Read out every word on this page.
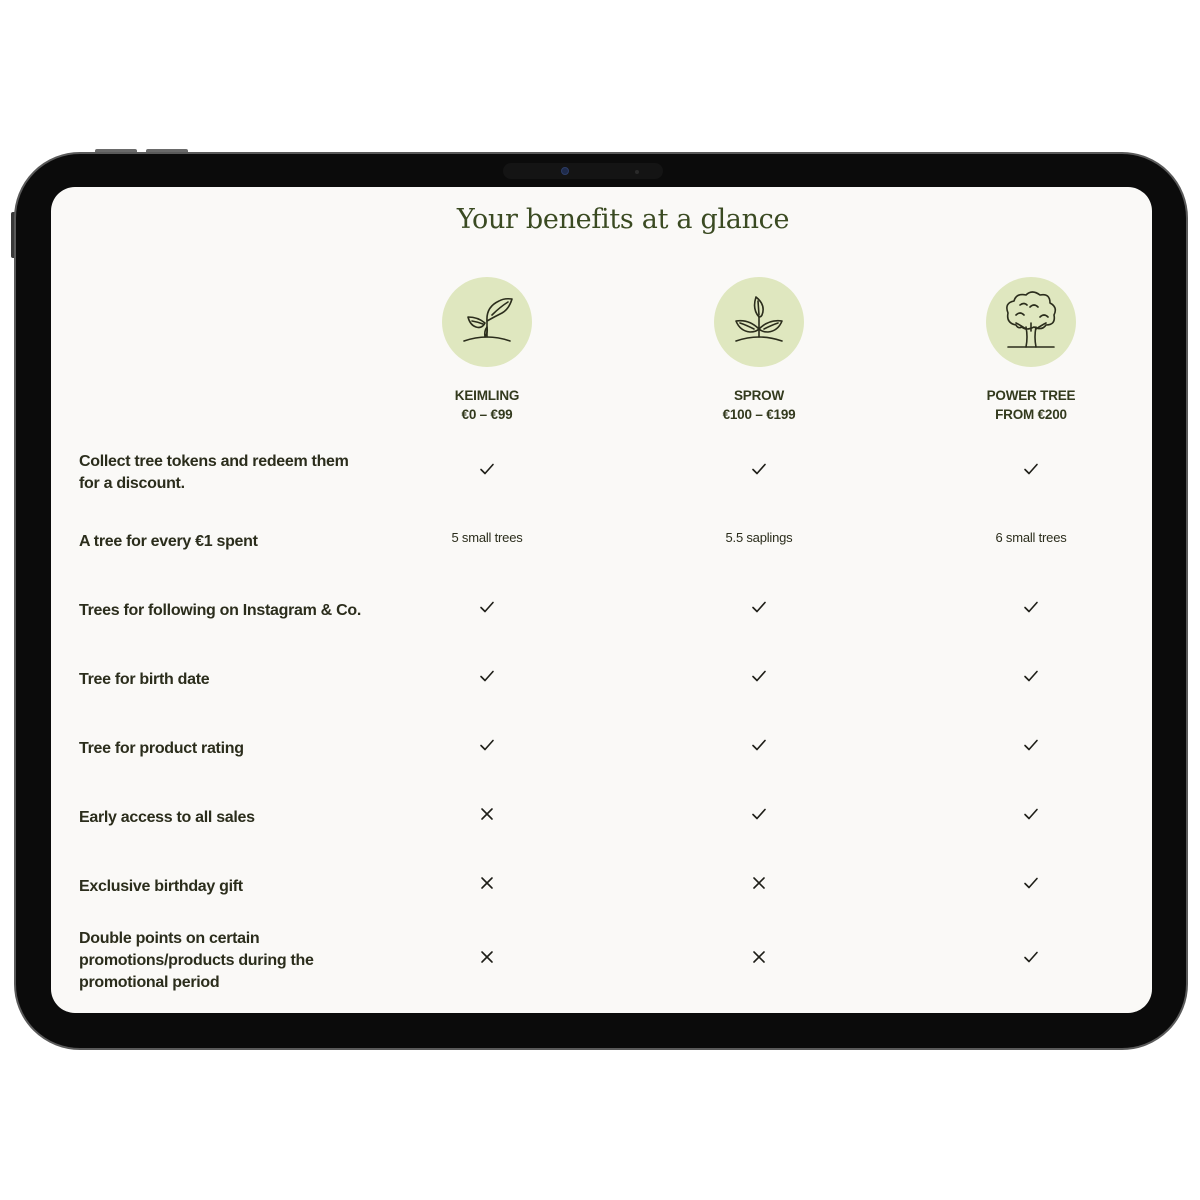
Your benefits at a glance
KEIMLING
€0 – €99
SPROW
€100 – €199
POWER TREE
FROM €200
Collect tree tokens and redeem them for a discount.
A tree for every €1 spent
Trees for following on Instagram & Co.
Tree for birth date
Tree for product rating
Early access to all sales
Exclusive birthday gift
Double points on certain promotions/products during the promotional period
5 small trees	5.5 saplings	6 small trees
